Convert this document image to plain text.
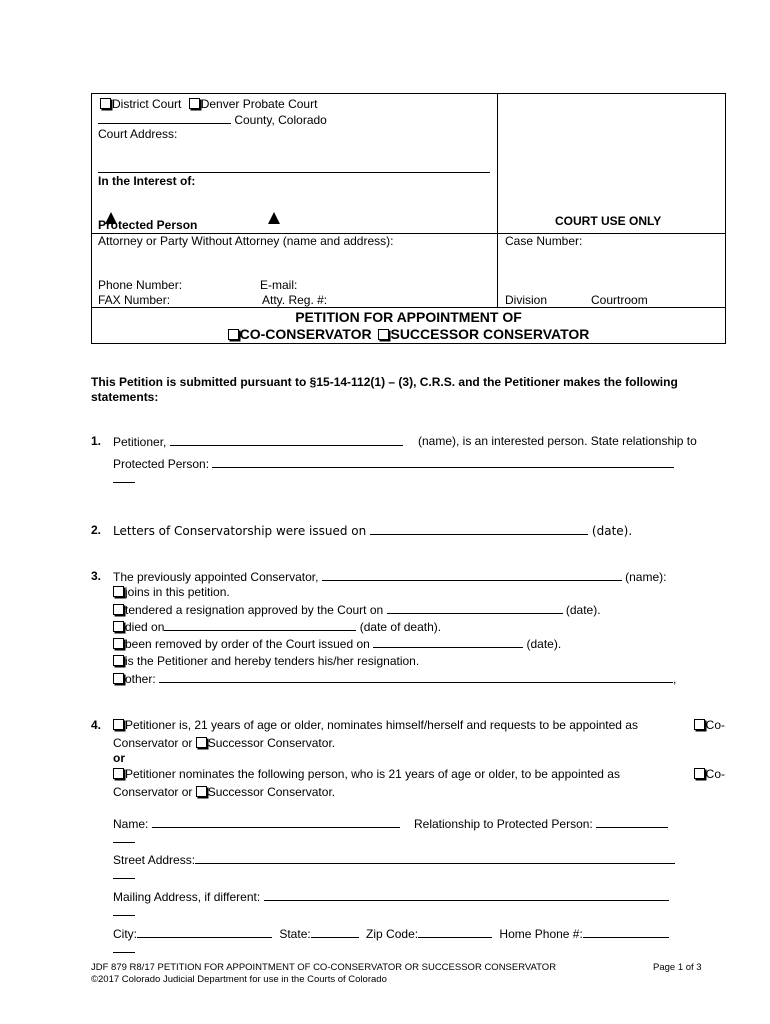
District Court Denver Probate Court
County, Colorado
Court Address:
In the Interest of:
Protected Person	COURT USE ONLY
Attorney or Party Without Attorney (name and address):	Case Number:
Phone Number:	E-mail:
FAX Number:	Atty. Reg. #:	Division	Courtroom
PETITION FOR APPOINTMENT OF
CO-CONSERVATOR SUCCESSOR CONSERVATOR
This Petition is submitted pursuant to §15-14-112(1) – (3), C.R.S. and the Petitioner makes the following
statements:
1. Petitioner,	(name), is an interested person. State relationship to
Protected Person:
2. Letters of Conservatorship were issued on	(date).
3. The previously appointed Conservator,	(name):
joins in this petition.
tendered a resignation approved by the Court on	(date).
died on	(date of death).
been removed by order of the Court issued on	(date).
is the Petitioner and hereby tenders his/her resignation.
other:	,
4.	Petitioner is, 21 years of age or older, nominates himself/herself and requests to be appointed as	Co-
Conservator or Successor Conservator.
or
Petitioner nominates the following person, who is 21 years of age or older, to be appointed as	Co-
Conservator or Successor Conservator.
Name:	Relationship to Protected Person:
Street Address:
Mailing Address, if different:
City:	State:	Zip Code:	Home Phone #:
JDF 879 R8/17 PETITION FOR APPOINTMENT OF CO-CONSERVATOR OR SUCCESSOR CONSERVATOR	Page 1 of 3
©2017 Colorado Judicial Department for use in the Courts of Colorado
